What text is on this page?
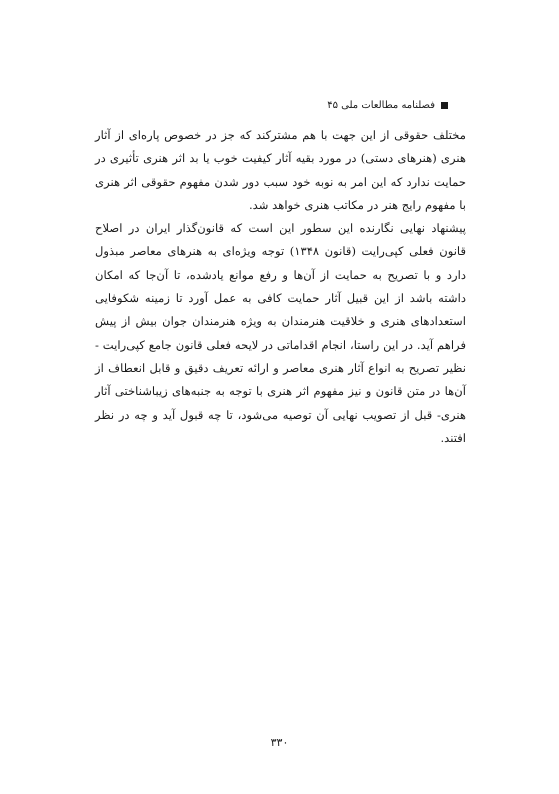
فصلنامه مطالعات ملی ۴۵

مختلف حقوقی از این جهت با هم مشترکند که جز در خصوص پاره‌ای از آثار هنری (هنرهای دستی) در مورد بقیه آثار کیفیت خوب یا بد اثر هنری تأثیری در حمایت ندارد که این امر به نوبه خود سبب دور شدن مفهوم حقوقی اثر هنری با مفهوم رایج هنر در مکاتب هنری خواهد شد.

پیشنهاد نهایی نگارنده این سطور این است که قانون‌گذار ایران در اصلاح قانون فعلی کپی‌رایت (قانون ۱۳۴۸) توجه ویژه‌ای به هنرهای معاصر مبذول دارد و با تصریح به حمایت از آن‌ها و رفع موانع یادشده، تا آن‌جا که امکان داشته باشد از این قبیل آثار حمایت کافی به عمل آورد تا زمینه شکوفایی استعدادهای هنری و خلاقیت هنرمندان به ویژه هنرمندان جوان بیش از پیش فراهم آید. در این راستا، انجام اقداماتی در لایحه فعلی قانون جامع کپی‌رایت - نظیر تصریح به انواع آثار هنری معاصر و ارائه تعریف دقیق و قابل انعطاف از آن‌ها در متن قانون و نیز مفهوم اثر هنری با توجه به جنبه‌های زیباشناختی آثار هنری- قبل از تصویب نهایی آن توصیه می‌شود، تا چه قبول آید و چه در نظر افتند.

۳۳۰
